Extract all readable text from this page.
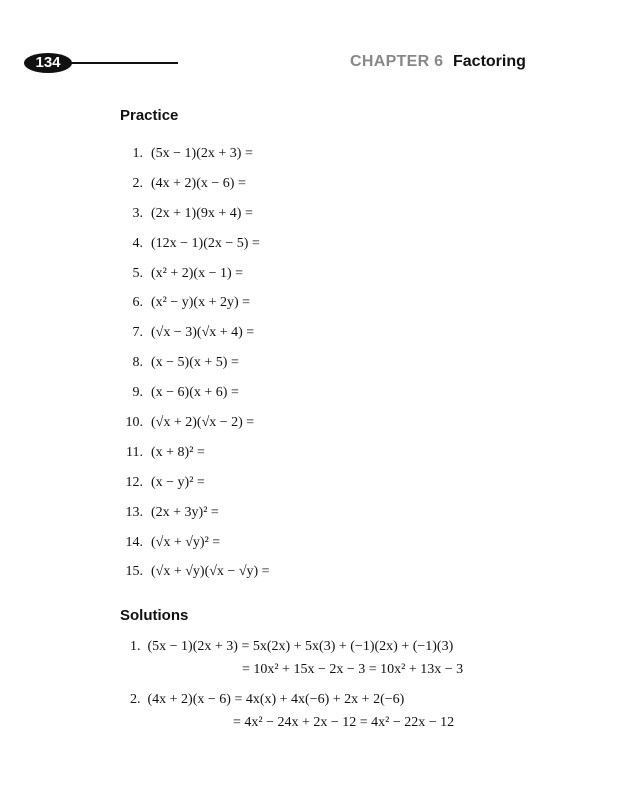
134	CHAPTER 6 Factoring
Practice
1. (5x − 1)(2x + 3) =
2. (4x + 2)(x − 6) =
3. (2x + 1)(9x + 4) =
4. (12x − 1)(2x − 5) =
5. (x² + 2)(x − 1) =
6. (x² − y)(x + 2y) =
7. (√x − 3)(√x + 4) =
8. (x − 5)(x + 5) =
9. (x − 6)(x + 6) =
10. (√x + 2)(√x − 2) =
11. (x + 8)² =
12. (x − y)² =
13. (2x + 3y)² =
14. (√x + √y)² =
15. (√x + √y)(√x − √y) =
Solutions
1. (5x − 1)(2x + 3) = 5x(2x) + 5x(3) + (−1)(2x) + (−1)(3)
= 10x² + 15x − 2x − 3 = 10x² + 13x − 3
2. (4x + 2)(x − 6) = 4x(x) + 4x(−6) + 2x + 2(−6)
= 4x² − 24x + 2x − 12 = 4x² − 22x − 12
